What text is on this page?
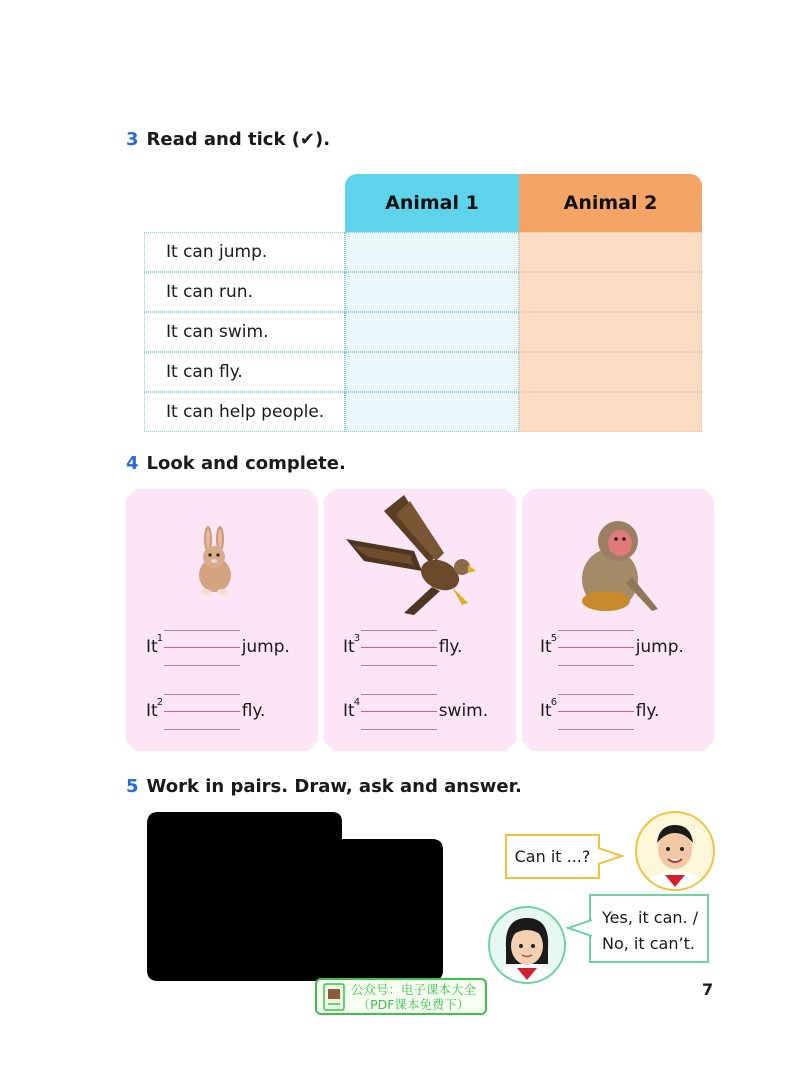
3 Read and tick (✔).
Animal 1	Animal 2
It can jump.
It can run.
It can swim.
It can fly.
It can help people.
4 Look and complete.
It 1	jump.
It 2	fly.
It 3	fly.
It 4	swim.
It 5	jump.
It 6	fly.
5 Work in pairs. Draw, ask and answer.
Can it ...?
Yes, it can. /
No, it can’t.
公众号：电子课本大全
（PDF课本免费下）
7
